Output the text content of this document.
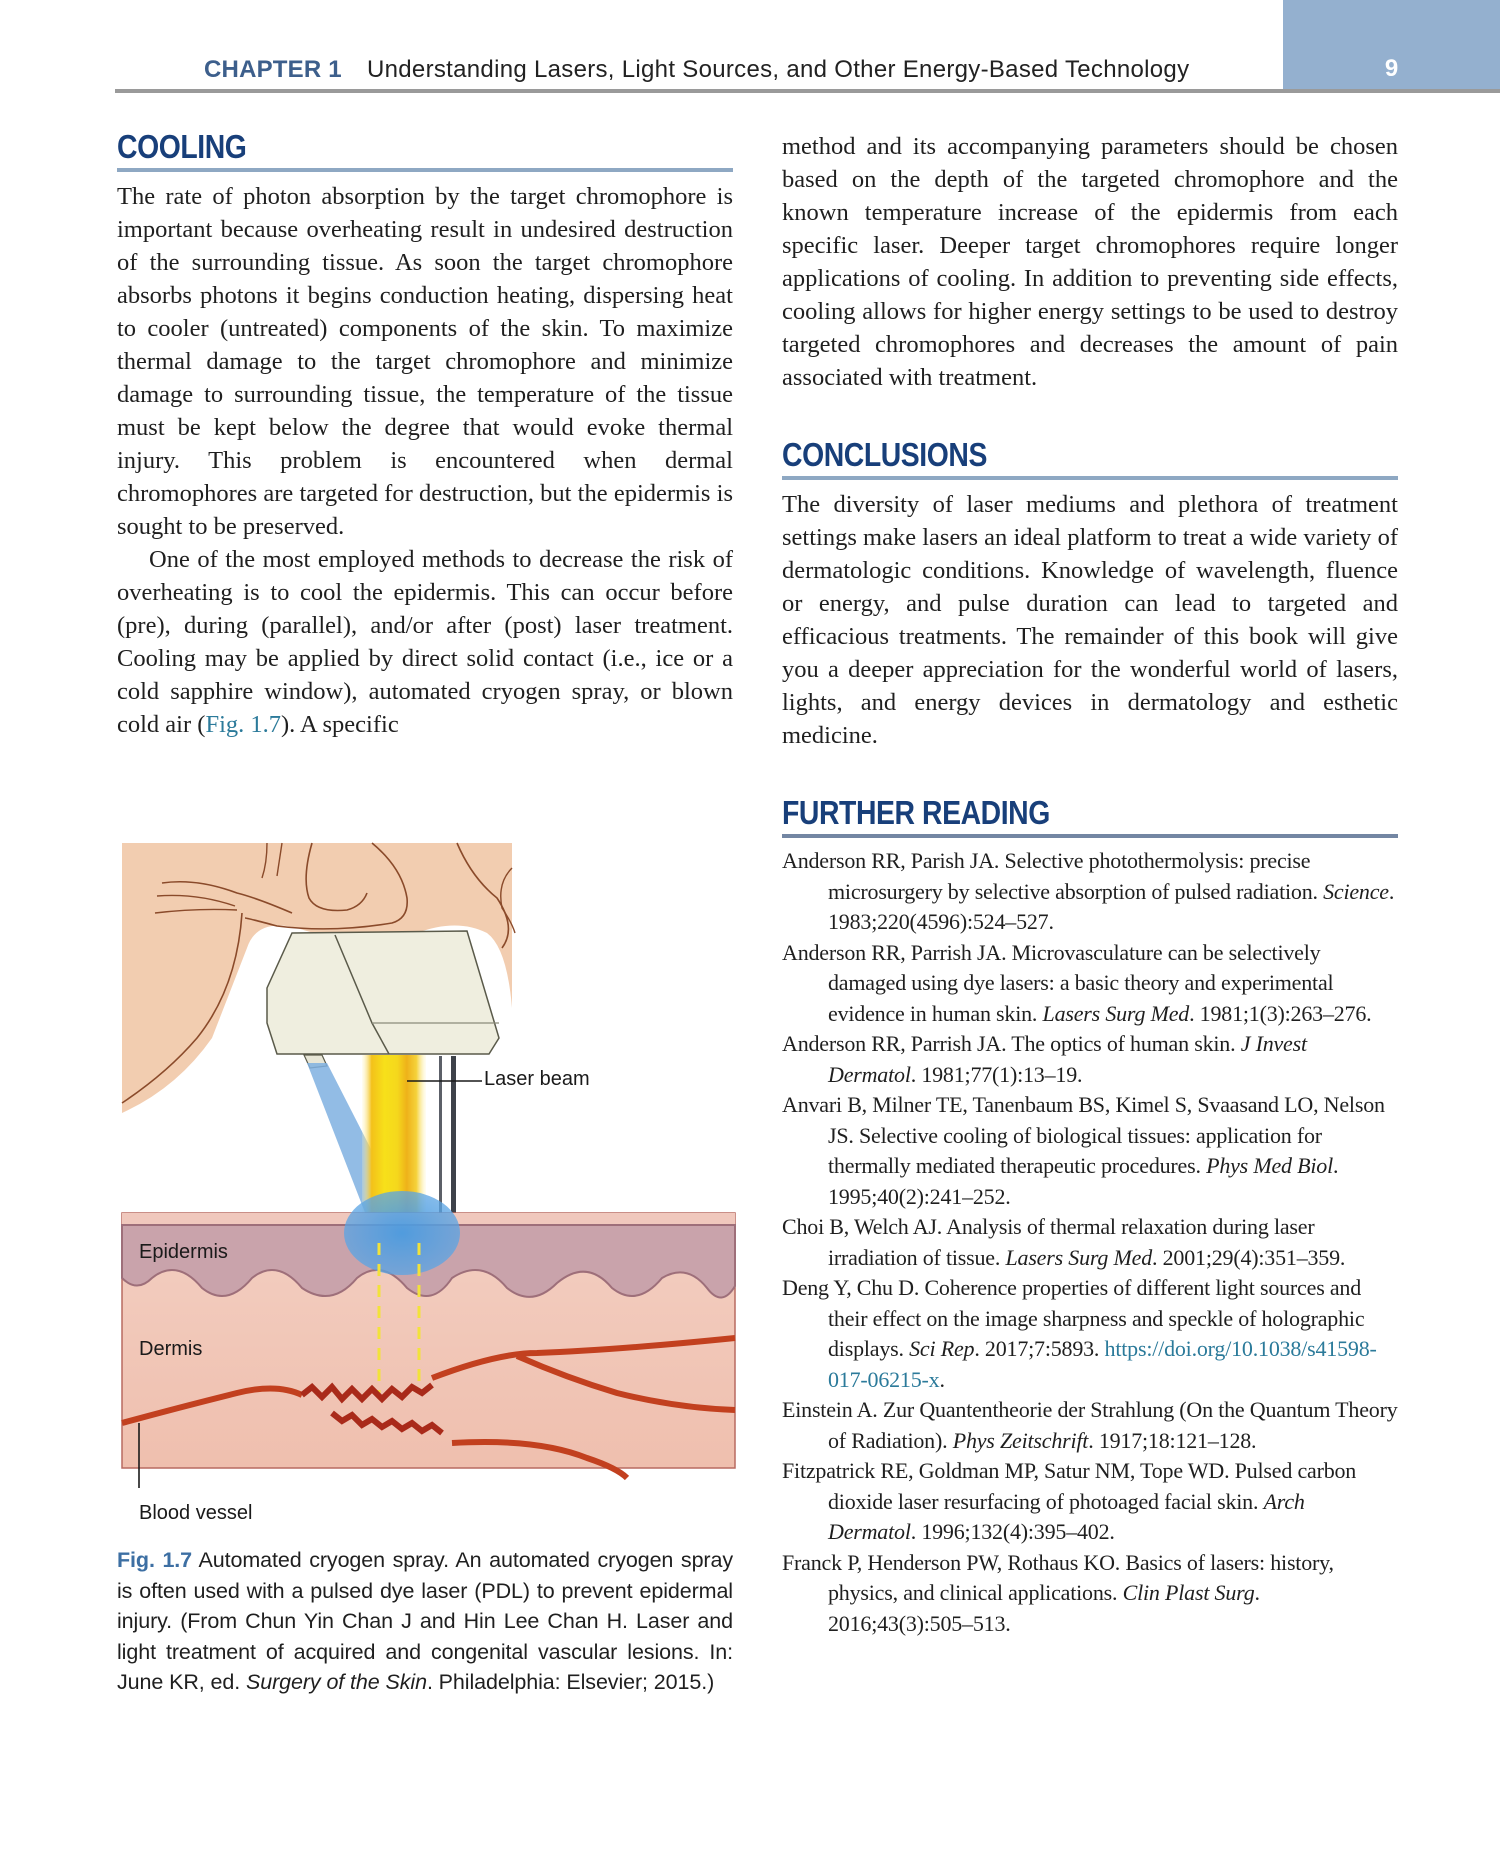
9
CHAPTER 1 Understanding Lasers, Light Sources, and Other Energy-Based Technology
COOLING

The rate of photon absorption by the target chromophore is important because overheating result in undesired destruction of the surrounding tissue. As soon the target chromophore absorbs photons it begins conduction heating, dispersing heat to cooler (untreated) components of the skin. To maximize thermal damage to the target chromophore and minimize damage to surrounding tissue, the temperature of the tissue must be kept below the degree that would evoke thermal injury. This problem is encountered when dermal chromophores are targeted for destruction, but the epidermis is sought to be preserved.

One of the most employed methods to decrease the risk of overheating is to cool the epidermis. This can occur before (pre), during (parallel), and/or after (post) laser treatment. Cooling may be applied by direct solid contact (i.e., ice or a cold sapphire window), automated cryogen spray, or blown cold air (Fig. 1.7). A specific

Laser beam
Epidermis
Dermis
Blood vessel
Fig. 1.7 Automated cryogen spray. An automated cryogen spray is often used with a pulsed dye laser (PDL) to prevent epidermal injury. (From Chun Yin Chan J and Hin Lee Chan H. Laser and light treatment of acquired and congenital vascular lesions. In: June KR, ed. Surgery of the Skin. Philadelphia: Elsevier; 2015.)

method and its accompanying parameters should be chosen based on the depth of the targeted chromophore and the known temperature increase of the epidermis from each specific laser. Deeper target chromophores require longer applications of cooling. In addition to preventing side effects, cooling allows for higher energy settings to be used to destroy targeted chromophores and decreases the amount of pain associated with treatment.

CONCLUSIONS

The diversity of laser mediums and plethora of treatment settings make lasers an ideal platform to treat a wide variety of dermatologic conditions. Knowledge of wavelength, fluence or energy, and pulse duration can lead to targeted and efficacious treatments. The remainder of this book will give you a deeper appreciation for the wonderful world of lasers, lights, and energy devices in dermatology and esthetic medicine.

FURTHER READING

Anderson RR, Parish JA. Selective photothermolysis: precise microsurgery by selective absorption of pulsed radiation. Science. 1983;220(4596):524–527.

Anderson RR, Parrish JA. Microvasculature can be selectively damaged using dye lasers: a basic theory and experimental evidence in human skin. Lasers Surg Med. 1981;1(3):263–276.

Anderson RR, Parrish JA. The optics of human skin. J Invest Dermatol. 1981;77(1):13–19.

Anvari B, Milner TE, Tanenbaum BS, Kimel S, Svaasand LO, Nelson JS. Selective cooling of biological tissues: application for thermally mediated therapeutic procedures. Phys Med Biol. 1995;40(2):241–252.

Choi B, Welch AJ. Analysis of thermal relaxation during laser irradiation of tissue. Lasers Surg Med. 2001;29(4):351–359.

Deng Y, Chu D. Coherence properties of different light sources and their effect on the image sharpness and speckle of holographic displays. Sci Rep. 2017;7:5893. https://doi.org/10.1038/s41598-017-06215-x.

Einstein A. Zur Quantentheorie der Strahlung (On the Quantum Theory of Radiation). Phys Zeitschrift. 1917;18:121–128.

Fitzpatrick RE, Goldman MP, Satur NM, Tope WD. Pulsed carbon dioxide laser resurfacing of photoaged facial skin. Arch Dermatol. 1996;132(4):395–402.

Franck P, Henderson PW, Rothaus KO. Basics of lasers: history, physics, and clinical applications. Clin Plast Surg. 2016;43(3):505–513.
